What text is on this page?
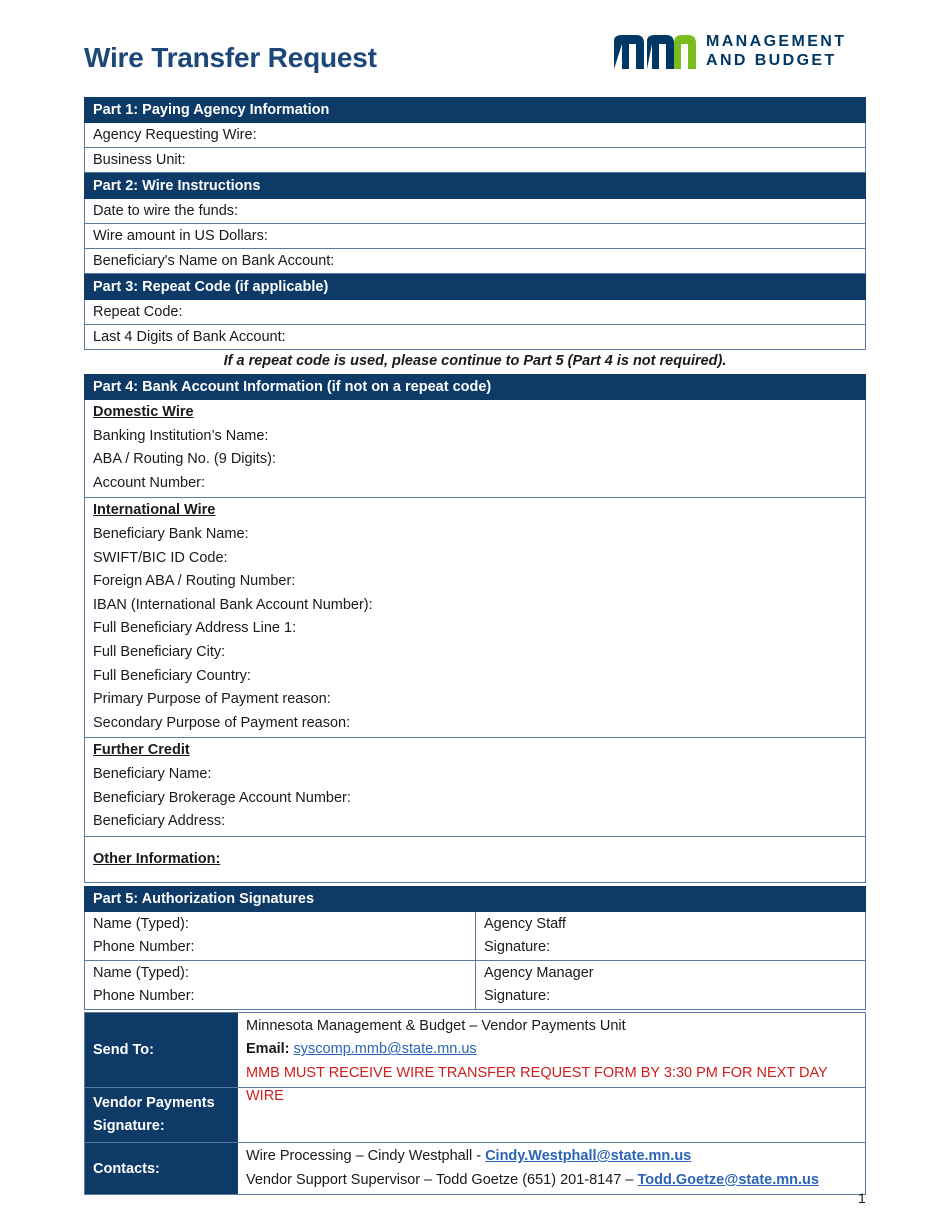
Wire Transfer Request
MANAGEMENT
AND BUDGET
Part 1: Paying Agency Information
Agency Requesting Wire:
Business Unit:
Part 2: Wire Instructions
Date to wire the funds:
Wire amount in US Dollars:
Beneficiary's Name on Bank Account:
Part 3: Repeat Code (if applicable)
Repeat Code:
Last 4 Digits of Bank Account:
If a repeat code is used, please continue to Part 5 (Part 4 is not required).
Part 4: Bank Account Information (if not on a repeat code)
Domestic Wire
Banking Institution’s Name:
ABA / Routing No. (9 Digits):
Account Number:
International Wire
Beneficiary Bank Name:
SWIFT/BIC ID Code:
Foreign ABA / Routing Number:
IBAN (International Bank Account Number):
Full Beneficiary Address Line 1:
Full Beneficiary City:
Full Beneficiary Country:
Primary Purpose of Payment reason:
Secondary Purpose of Payment reason:
Further Credit
Beneficiary Name:
Beneficiary Brokerage Account Number:
Beneficiary Address:
Other Information:
Part 5: Authorization Signatures
Name (Typed):
Phone Number:
Agency Staff
Signature:
Name (Typed):
Phone Number:
Agency Manager
Signature:
Send To:
Minnesota Management & Budget – Vendor Payments Unit
Email: syscomp.mmb@state.mn.us
MMB MUST RECEIVE WIRE TRANSFER REQUEST FORM BY 3:30 PM FOR NEXT DAY WIRE
Vendor Payments
Signature:
Contacts:
Wire Processing – Cindy Westphall - Cindy.Westphall@state.mn.us
Vendor Support Supervisor – Todd Goetze (651) 201-8147 – Todd.Goetze@state.mn.us
1
